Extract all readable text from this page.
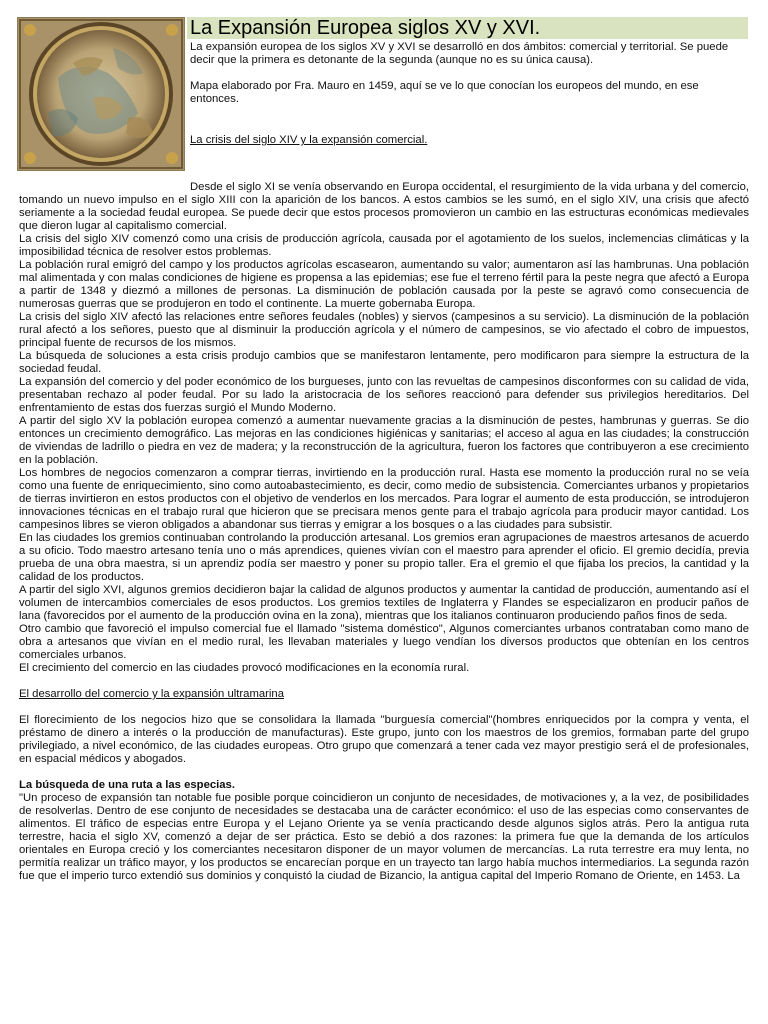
La Expansión Europea siglos XV y XVI.

La expansión europea de los siglos XV y XVI se desarrolló en dos ámbitos: comercial y territorial. Se puede decir que la primera es detonante de la segunda (aunque no es su única causa).

Mapa elaborado por Fra. Mauro en 1459, aquí se ve lo que conocían los europeos del mundo, en ese entonces.

La crisis del siglo XIV y la expansión comercial.

Desde el siglo XI se venía observando en Europa occidental, el resurgimiento de la vida urbana y del comercio, tomando un nuevo impulso en el siglo XIII con la aparición de los bancos. A estos cambios se les sumó, en el siglo XIV, una crisis que afectó seriamente a la sociedad feudal europea. Se puede decir que estos procesos promovieron un cambio en las estructuras económicas medievales que dieron lugar al capitalismo comercial.

La crisis del siglo XIV comenzó como una crisis de producción agrícola, causada por el agotamiento de los suelos, inclemencias climáticas y la imposibilidad técnica de resolver estos problemas.

La población rural emigró del campo y los productos agrícolas escasearon, aumentando su valor; aumentaron así las hambrunas. Una población mal alimentada y con malas condiciones de higiene es propensa a las epidemias; ese fue el terreno fértil para la peste negra que afectó a Europa a partir de 1348 y diezmó a millones de personas. La disminución de población causada por la peste se agravó como consecuencia de numerosas guerras que se produjeron en todo el continente. La muerte gobernaba Europa.

La crisis del siglo XIV afectó las relaciones entre señores feudales (nobles) y siervos (campesinos a su servicio). La disminución de la población rural afectó a los señores, puesto que al disminuir la producción agrícola y el número de campesinos, se vio afectado el cobro de impuestos, principal fuente de recursos de los mismos.

La búsqueda de soluciones a esta crisis produjo cambios que se manifestaron lentamente, pero modificaron para siempre la estructura de la sociedad feudal.

La expansión del comercio y del poder económico de los burgueses, junto con las revueltas de campesinos disconformes con su calidad de vida, presentaban rechazo al poder feudal. Por su lado la aristocracia de los señores reaccionó para defender sus privilegios hereditarios. Del enfrentamiento de estas dos fuerzas surgió el Mundo Moderno.

A partir del siglo XV la población europea comenzó a aumentar nuevamente gracias a la disminución de pestes, hambrunas y guerras. Se dio entonces un crecimiento demográfico. Las mejoras en las condiciones higiénicas y sanitarias; el acceso al agua en las ciudades; la construcción de viviendas de ladrillo o piedra en vez de madera; y la reconstrucción de la agricultura, fueron los factores que contribuyeron a ese crecimiento en la población.

Los hombres de negocios comenzaron a comprar tierras, invirtiendo en la producción rural. Hasta ese momento la producción rural no se veía como una fuente de enriquecimiento, sino como autoabastecimiento, es decir, como medio de subsistencia. Comerciantes urbanos y propietarios de tierras invirtieron en estos productos con el objetivo de venderlos en los mercados. Para lograr el aumento de esta producción, se introdujeron innovaciones técnicas en el trabajo rural que hicieron que se precisara menos gente para el trabajo agrícola para producir mayor cantidad. Los campesinos libres se vieron obligados a abandonar sus tierras y emigrar a los bosques o a las ciudades para subsistir.

En las ciudades los gremios continuaban controlando la producción artesanal. Los gremios eran agrupaciones de maestros artesanos de acuerdo a su oficio. Todo maestro artesano tenía uno o más aprendices, quienes vivían con el maestro para aprender el oficio. El gremio decidía, previa prueba de una obra maestra, si un aprendiz podía ser maestro y poner su propio taller. Era el gremio el que fijaba los precios, la cantidad y la calidad de los productos.

A partir del siglo XVI, algunos gremios decidieron bajar la calidad de algunos productos y aumentar la cantidad de producción, aumentando así el volumen de intercambios comerciales de esos productos. Los gremios textiles de Inglaterra y Flandes se especializaron en producir paños de lana (favorecidos por el aumento de la producción ovina en la zona), mientras que los italianos continuaron produciendo paños finos de seda.

Otro cambio que favoreció el impulso comercial fue el llamado "sistema doméstico", Algunos comerciantes urbanos contrataban como mano de obra a artesanos que vivían en el medio rural, les llevaban materiales y luego vendían los diversos productos que obtenían en los centros comerciales urbanos.

El crecimiento del comercio en las ciudades provocó modificaciones en la economía rural.

El desarrollo del comercio y la expansión ultramarina

El florecimiento de los negocios hizo que se consolidara la llamada "burguesía comercial"(hombres enriquecidos por la compra y venta, el préstamo de dinero a interés o la producción de manufacturas). Este grupo, junto con los maestros de los gremios, formaban parte del grupo privilegiado, a nivel económico, de las ciudades europeas. Otro grupo que comenzará a tener cada vez mayor prestigio será el de profesionales, en espacial médicos y abogados.

La búsqueda de una ruta a las especias.

"Un proceso de expansión tan notable fue posible porque coincidieron un conjunto de necesidades, de motivaciones y, a la vez, de posibilidades de resolverlas. Dentro de ese conjunto de necesidades se destacaba una de carácter económico: el uso de las especias como conservantes de alimentos. El tráfico de especias entre Europa y el Lejano Oriente ya se venía practicando desde algunos siglos atrás. Pero la antigua ruta terrestre, hacia el siglo XV, comenzó a dejar de ser práctica. Esto se debió a dos razones: la primera fue que la demanda de los artículos orientales en Europa creció y los comerciantes necesitaron disponer de un mayor volumen de mercancías. La ruta terrestre era muy lenta, no permitía realizar un tráfico mayor, y los productos se encarecían porque en un trayecto tan largo había muchos intermediarios. La segunda razón fue que el imperio turco extendió sus dominios y conquistó la ciudad de Bizancio, la antigua capital del Imperio Romano de Oriente, en 1453. La
